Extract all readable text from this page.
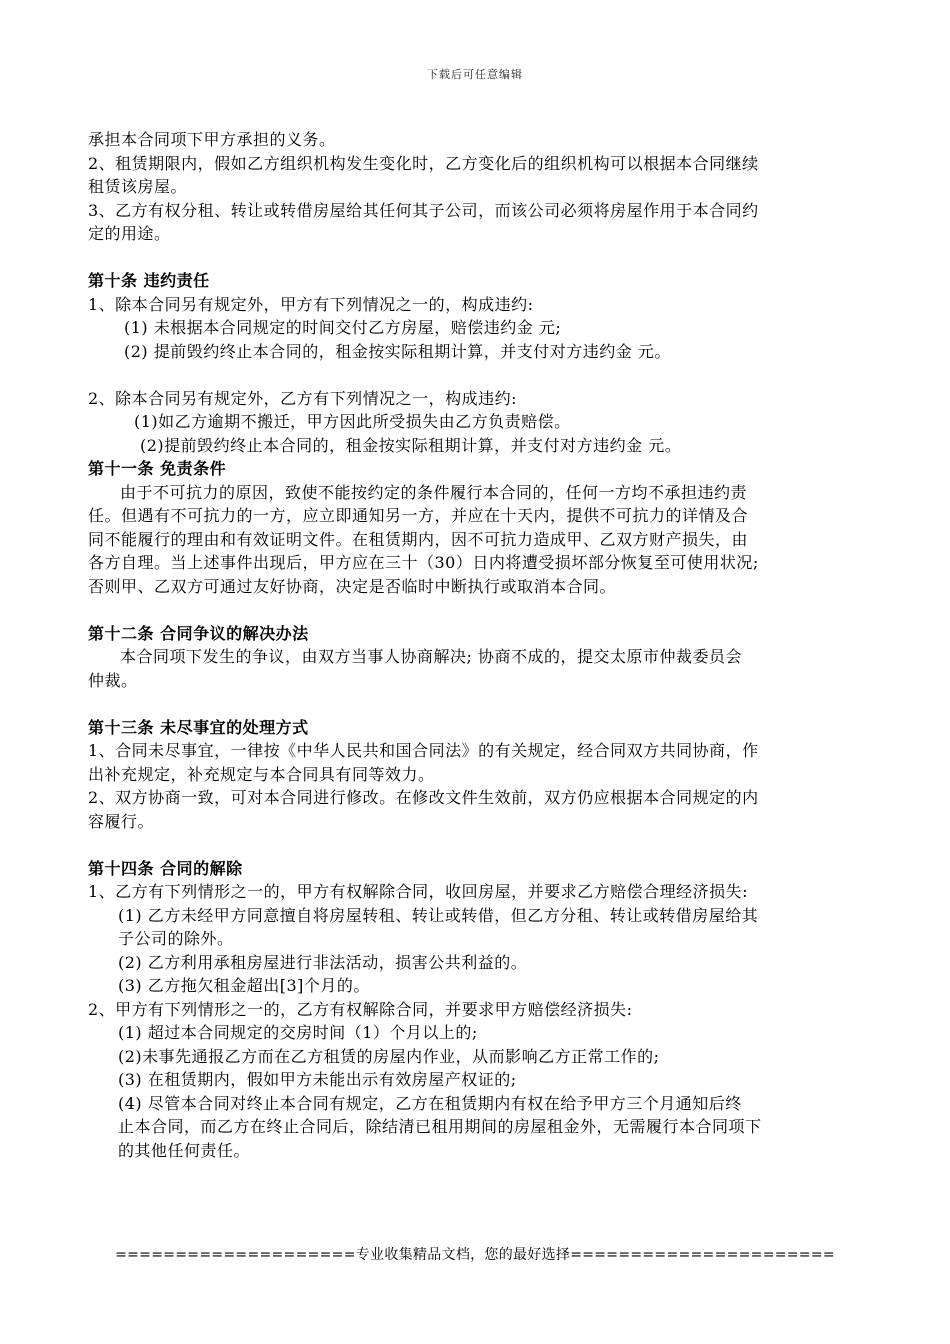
下载后可任意编辑
承担本合同项下甲方承担的义务。
2、租赁期限内，假如乙方组织机构发生变化时，乙方变化后的组织机构可以根据本合同继续
租赁该房屋。
3、乙方有权分租、转让或转借房屋给其任何其子公司，而该公司必须将房屋作用于本合同约
定的用途。
第十条 违约责任
1、除本合同另有规定外，甲方有下列情况之一的，构成违约:
(1) 未根据本合同规定的时间交付乙方房屋，赔偿违约金 元;
(2) 提前毁约终止本合同的，租金按实际租期计算，并支付对方违约金 元。
2、除本合同另有规定外，乙方有下列情况之一，构成违约:
(1)如乙方逾期不搬迁，甲方因此所受损失由乙方负责赔偿。
(2)提前毁约终止本合同的，租金按实际租期计算，并支付对方违约金 元。
第十一条 免责条件
由于不可抗力的原因，致使不能按约定的条件履行本合同的，任何一方均不承担违约责
任。但遇有不可抗力的一方，应立即通知另一方，并应在十天内，提供不可抗力的详情及合
同不能履行的理由和有效证明文件。在租赁期内，因不可抗力造成甲、乙双方财产损失，由
各方自理。当上述事件出现后，甲方应在三十（30）日内将遭受损坏部分恢复至可使用状况;
否则甲、乙双方可通过友好协商，决定是否临时中断执行或取消本合同。
第十二条 合同争议的解决办法
本合同项下发生的争议，由双方当事人协商解决; 协商不成的，提交太原市仲裁委员会
仲裁。
第十三条 未尽事宜的处理方式
1、合同未尽事宜，一律按《中华人民共和国合同法》的有关规定，经合同双方共同协商，作
出补充规定，补充规定与本合同具有同等效力。
2、双方协商一致，可对本合同进行修改。在修改文件生效前，双方仍应根据本合同规定的内
容履行。
第十四条 合同的解除
1、乙方有下列情形之一的，甲方有权解除合同，收回房屋，并要求乙方赔偿合理经济损失:
(1) 乙方未经甲方同意擅自将房屋转租、转让或转借，但乙方分租、转让或转借房屋给其
子公司的除外。
(2) 乙方利用承租房屋进行非法活动，损害公共利益的。
(3) 乙方拖欠租金超出[3]个月的。
2、甲方有下列情形之一的，乙方有权解除合同，并要求甲方赔偿经济损失:
(1) 超过本合同规定的交房时间（1）个月以上的;
(2)未事先通报乙方而在乙方租赁的房屋内作业，从而影响乙方正常工作的;
(3) 在租赁期内，假如甲方未能出示有效房屋产权证的;
(4) 尽管本合同对终止本合同有规定，乙方在租赁期内有权在给予甲方三个月通知后终
止本合同，而乙方在终止合同后，除结清已租用期间的房屋租金外，无需履行本合同项下
的其他任何责任。
====================专业收集精品文档，您的最好选择======================
